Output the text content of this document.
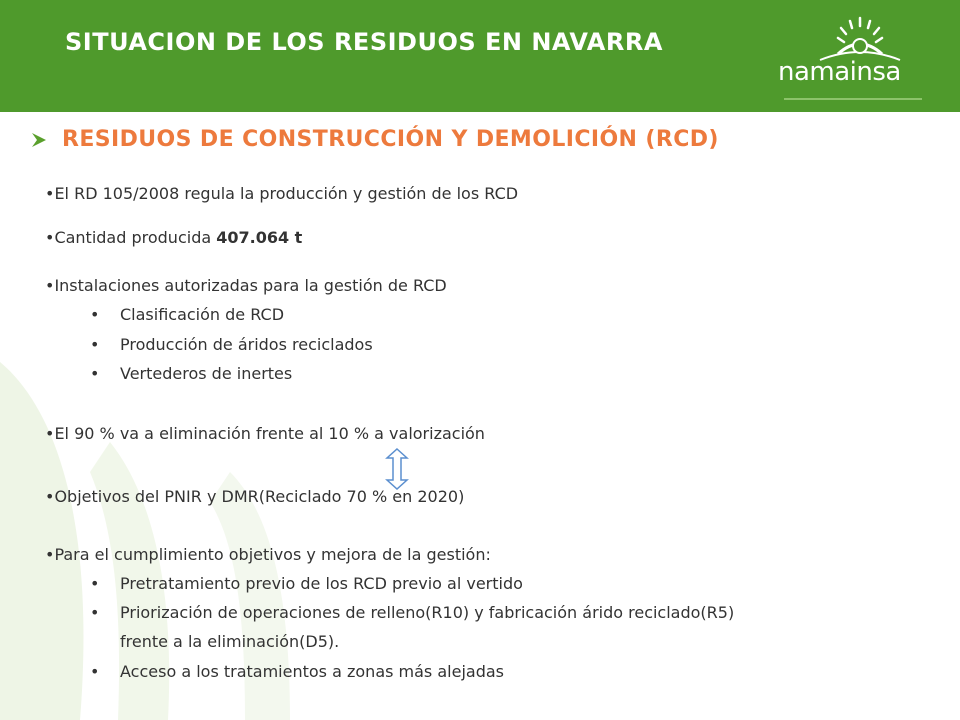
SITUACION DE LOS RESIDUOS EN NAVARRA
namainsa
RESIDUOS DE CONSTRUCCIÓN Y DEMOLICIÓN (RCD)
•El RD 105/2008 regula la producción y gestión de los RCD
•Cantidad producida 407.064 t
•Instalaciones autorizadas para la gestión de RCD
• Clasificación de RCD
• Producción de áridos reciclados
• Vertederos de inertes
•El 90 % va a eliminación frente al 10 % a valorización
•Objetivos del PNIR y DMR(Reciclado 70 % en 2020)
•Para el cumplimiento objetivos y mejora de la gestión:
• Pretratamiento previo de los RCD previo al vertido
• Priorización de operaciones de relleno(R10) y fabricación árido reciclado(R5)
frente a la eliminación(D5).
• Acceso a los tratamientos a zonas más alejadas
